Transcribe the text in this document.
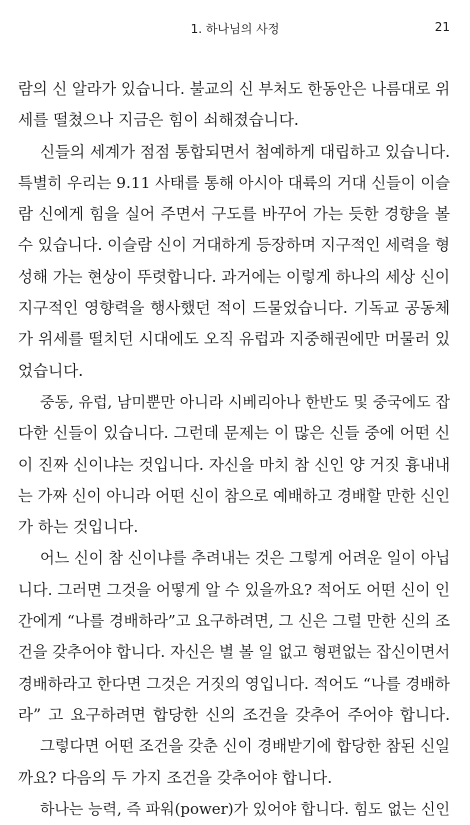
1. 하나님의 사정	21
람의 신 알라가 있습니다. 불교의 신 부처도 한동안은 나름대로 위
세를 떨쳤으나 지금은 힘이 쇠해졌습니다.
신들의 세계가 점점 통합되면서 첨예하게 대립하고 있습니다.
특별히 우리는 9.11 사태를 통해 아시아 대륙의 거대 신들이 이슬
람 신에게 힘을 실어 주면서 구도를 바꾸어 가는 듯한 경향을 볼
수 있습니다. 이슬람 신이 거대하게 등장하며 지구적인 세력을 형
성해 가는 현상이 뚜렷합니다. 과거에는 이렇게 하나의 세상 신이
지구적인 영향력을 행사했던 적이 드물었습니다. 기독교 공동체
가 위세를 떨치던 시대에도 오직 유럽과 지중해권에만 머물러 있
었습니다.
중동, 유럽, 남미뿐만 아니라 시베리아나 한반도 및 중국에도 잡
다한 신들이 있습니다. 그런데 문제는 이 많은 신들 중에 어떤 신
이 진짜 신이냐는 것입니다. 자신을 마치 참 신인 양 거짓 흉내내
는 가짜 신이 아니라 어떤 신이 참으로 예배하고 경배할 만한 신인
가 하는 것입니다.
어느 신이 참 신이냐를 추려내는 것은 그렇게 어려운 일이 아닙
니다. 그러면 그것을 어떻게 알 수 있을까요? 적어도 어떤 신이 인
간에게 “나를 경배하라”고 요구하려면, 그 신은 그럴 만한 신의 조
건을 갖추어야 합니다. 자신은 별 볼 일 없고 형편없는 잡신이면서
경배하라고 한다면 그것은 거짓의 영입니다. 적어도 “나를 경배하
라” 고 요구하려면 합당한 신의 조건을 갖추어 주어야 합니다.
그렇다면 어떤 조건을 갖춘 신이 경배받기에 합당한 참된 신일
까요? 다음의 두 가지 조건을 갖추어야 합니다.
하나는 능력, 즉 파워(power)가 있어야 합니다. 힘도 없는 신인
